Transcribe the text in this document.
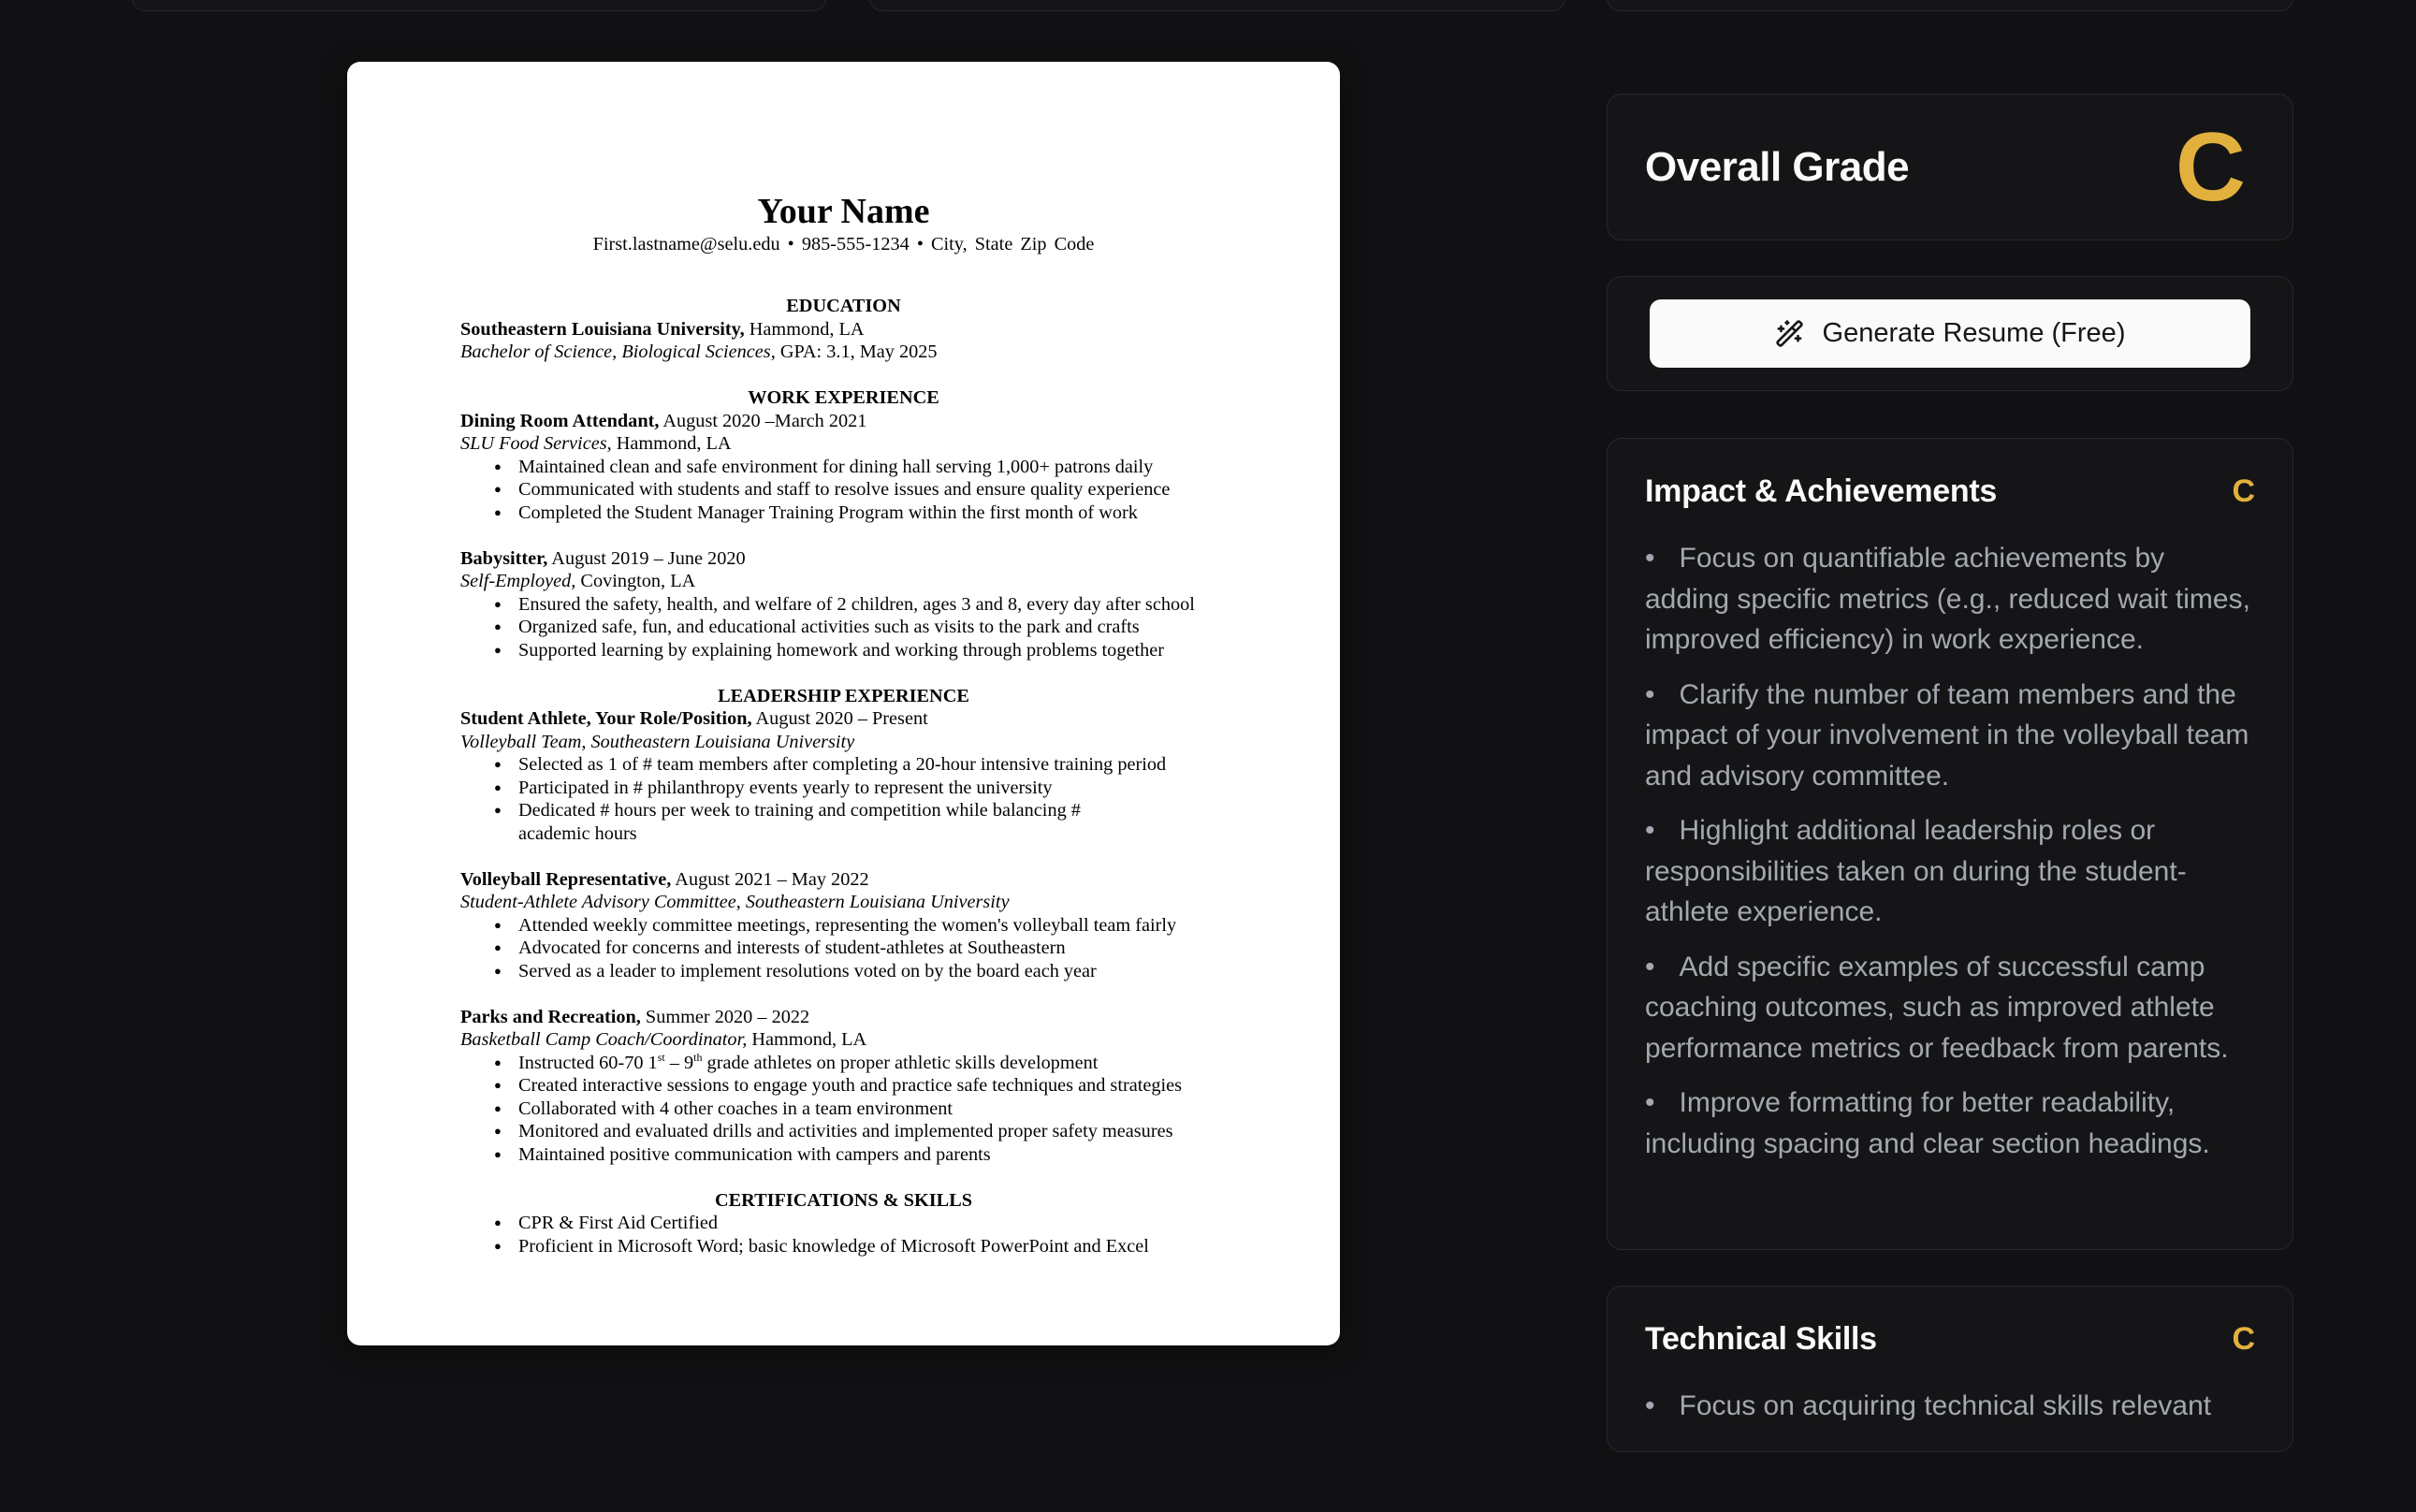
Your Name
First.lastname@selu.edu • 985-555-1234 • City, State Zip Code
EDUCATION
Southeastern Louisiana University, Hammond, LA
Bachelor of Science, Biological Sciences, GPA: 3.1, May 2025
WORK EXPERIENCE
Dining Room Attendant, August 2020 –March 2021
SLU Food Services, Hammond, LA
● Maintained clean and safe environment for dining hall serving 1,000+ patrons daily
● Communicated with students and staff to resolve issues and ensure quality experience
● Completed the Student Manager Training Program within the first month of work
Babysitter, August 2019 – June 2020
Self-Employed, Covington, LA
● Ensured the safety, health, and welfare of 2 children, ages 3 and 8, every day after school
● Organized safe, fun, and educational activities such as visits to the park and crafts
● Supported learning by explaining homework and working through problems together
LEADERSHIP EXPERIENCE
Student Athlete, Your Role/Position, August 2020 – Present
Volleyball Team, Southeastern Louisiana University
● Selected as 1 of # team members after completing a 20-hour intensive training period
● Participated in # philanthropy events yearly to represent the university
● Dedicated # hours per week to training and competition while balancing # academic hours
Volleyball Representative, August 2021 – May 2022
Student-Athlete Advisory Committee, Southeastern Louisiana University
● Attended weekly committee meetings, representing the women's volleyball team fairly
● Advocated for concerns and interests of student-athletes at Southeastern
● Served as a leader to implement resolutions voted on by the board each year
Parks and Recreation, Summer 2020 – 2022
Basketball Camp Coach/Coordinator, Hammond, LA
● Instructed 60-70 1st – 9th grade athletes on proper athletic skills development
● Created interactive sessions to engage youth and practice safe techniques and strategies
● Collaborated with 4 other coaches in a team environment
● Monitored and evaluated drills and activities and implemented proper safety measures
● Maintained positive communication with campers and parents
CERTIFICATIONS & SKILLS
● CPR & First Aid Certified
● Proficient in Microsoft Word; basic knowledge of Microsoft PowerPoint and Excel
Overall Grade	C
Generate Resume (Free)
Impact & Achievements	C

• Focus on quantifiable achievements by adding specific metrics (e.g., reduced wait times, improved efficiency) in work experience.

• Clarify the number of team members and the impact of your involvement in the volleyball team and advisory committee.

• Highlight additional leadership roles or responsibilities taken on during the student-athlete experience.

• Add specific examples of successful camp coaching outcomes, such as improved athlete performance metrics or feedback from parents.

• Improve formatting for better readability, including spacing and clear section headings.

Technical Skills	C

• Focus on acquiring technical skills relevant
